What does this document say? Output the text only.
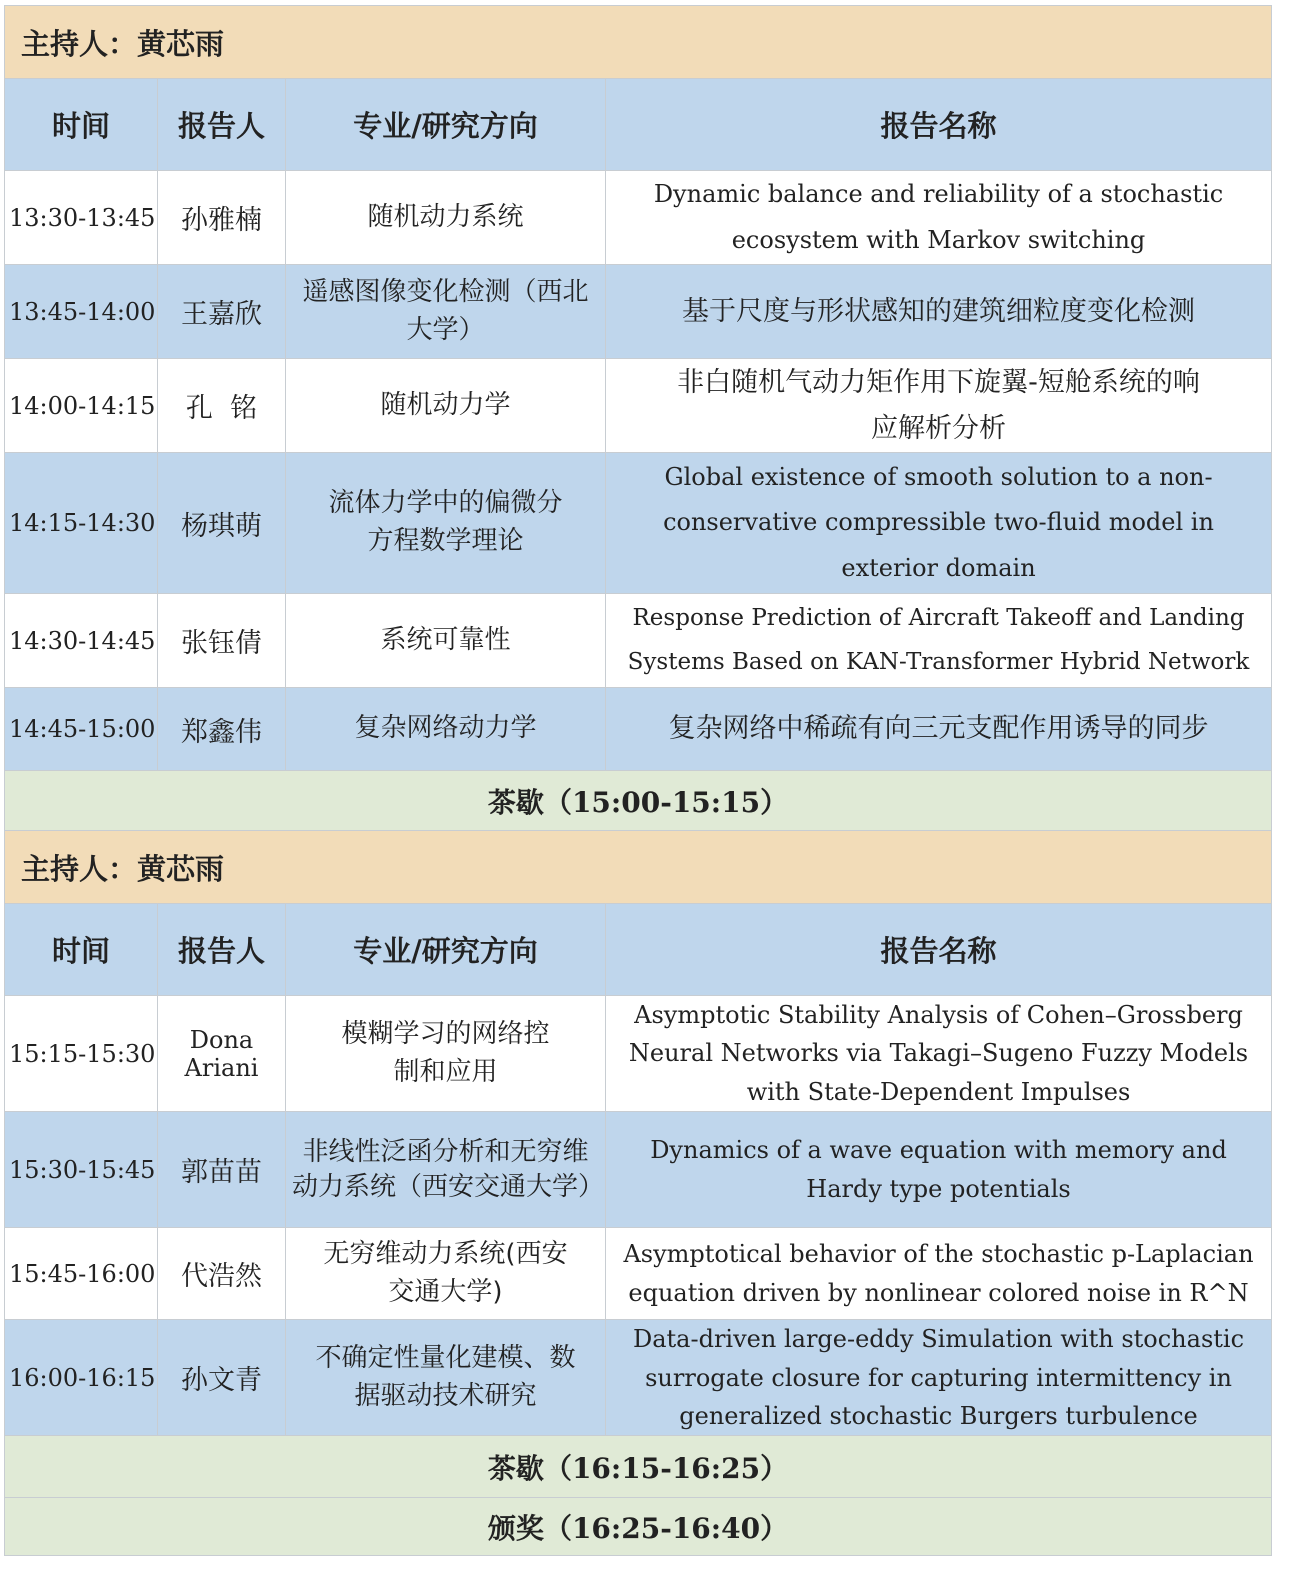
主持人：黄芯雨			
时间	报告人	专业/研究方向	报告名称
13:30-13:45	孙雅楠	随机动力系统	Dynamic balance and reliability of a stochastic ecosystem with Markov switching
13:45-14:00	王嘉欣	遥感图像变化检测（西北大学）	基于尺度与形状感知的建筑细粒度变化检测
14:00-14:15	孔  铭	随机动力学	非白随机气动力矩作用下旋翼-短舱系统的响应解析分析
14:15-14:30	杨琪萌	流体力学中的偏微分方程数学理论	Global existence of smooth solution to a non-conservative compressible two-fluid model in exterior domain
14:30-14:45	张钰倩	系统可靠性	Response Prediction of Aircraft Takeoff and Landing Systems Based on KAN-Transformer Hybrid Network
14:45-15:00	郑鑫伟	复杂网络动力学	复杂网络中稀疏有向三元支配作用诱导的同步
茶歇（15:00-15:15）			
主持人：黄芯雨			
时间	报告人	专业/研究方向	报告名称
15:15-15:30	Dona Ariani	模糊学习的网络控制和应用	Asymptotic Stability Analysis of Cohen–Grossberg Neural Networks via Takagi–Sugeno Fuzzy Models with State-Dependent Impulses
15:30-15:45	郭苗苗	非线性泛函分析和无穷维动力系统（西安交通大学）	Dynamics of a wave equation with memory and Hardy type potentials
15:45-16:00	代浩然	无穷维动力系统(西安交通大学)	Asymptotical behavior of the stochastic p-Laplacian equation driven by nonlinear colored noise in R^N
16:00-16:15	孙文青	不确定性量化建模、数据驱动技术研究	Data-driven large-eddy Simulation with stochastic surrogate closure for capturing intermittency in generalized stochastic Burgers turbulence
茶歇（16:15-16:25）			
颁奖（16:25-16:40）			
